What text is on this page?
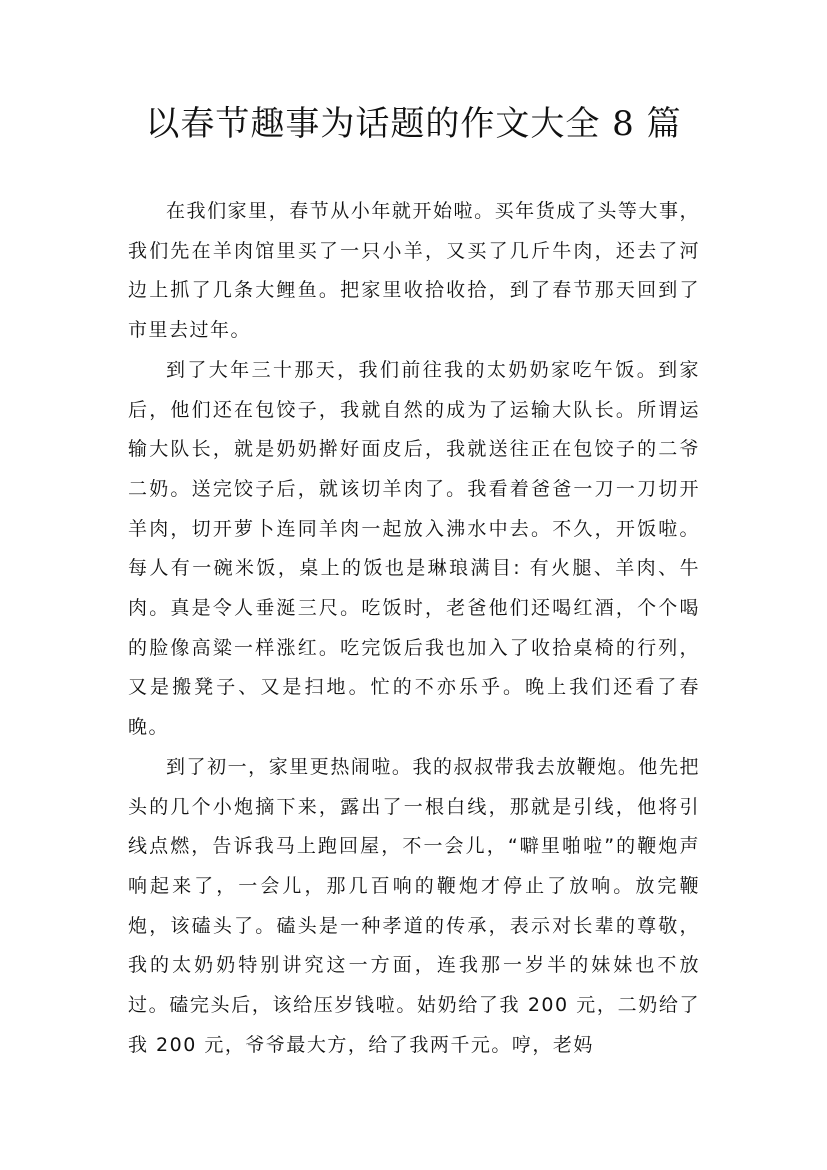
以春节趣事为话题的作文大全 8 篇

在我们家里，春节从小年就开始啦。买年货成了头等大事，我们先在羊肉馆里买了一只小羊，又买了几斤牛肉，还去了河边上抓了几条大鲤鱼。把家里收拾收拾，到了春节那天回到了市里去过年。

到了大年三十那天，我们前往我的太奶奶家吃午饭。到家后，他们还在包饺子，我就自然的成为了运输大队长。所谓运输大队长，就是奶奶擀好面皮后，我就送往正在包饺子的二爷二奶。送完饺子后，就该切羊肉了。我看着爸爸一刀一刀切开羊肉，切开萝卜连同羊肉一起放入沸水中去。不久，开饭啦。每人有一碗米饭，桌上的饭也是琳琅满目: 有火腿、羊肉、牛肉。真是令人垂涎三尺。吃饭时，老爸他们还喝红酒，个个喝的脸像高粱一样涨红。吃完饭后我也加入了收拾桌椅的行列，又是搬凳子、又是扫地。忙的不亦乐乎。晚上我们还看了春晚。

到了初一，家里更热闹啦。我的叔叔带我去放鞭炮。他先把头的几个小炮摘下来，露出了一根白线，那就是引线，他将引线点燃，告诉我马上跑回屋，不一会儿，“噼里啪啦”的鞭炮声响起来了，一会儿，那几百响的鞭炮才停止了放响。放完鞭炮，该磕头了。磕头是一种孝道的传承，表示对长辈的尊敬，我的太奶奶特别讲究这一方面，连我那一岁半的妹妹也不放过。磕完头后，该给压岁钱啦。姑奶给了我 200 元，二奶给了我 200 元，爷爷最大方，给了我两千元。哼，老妈
